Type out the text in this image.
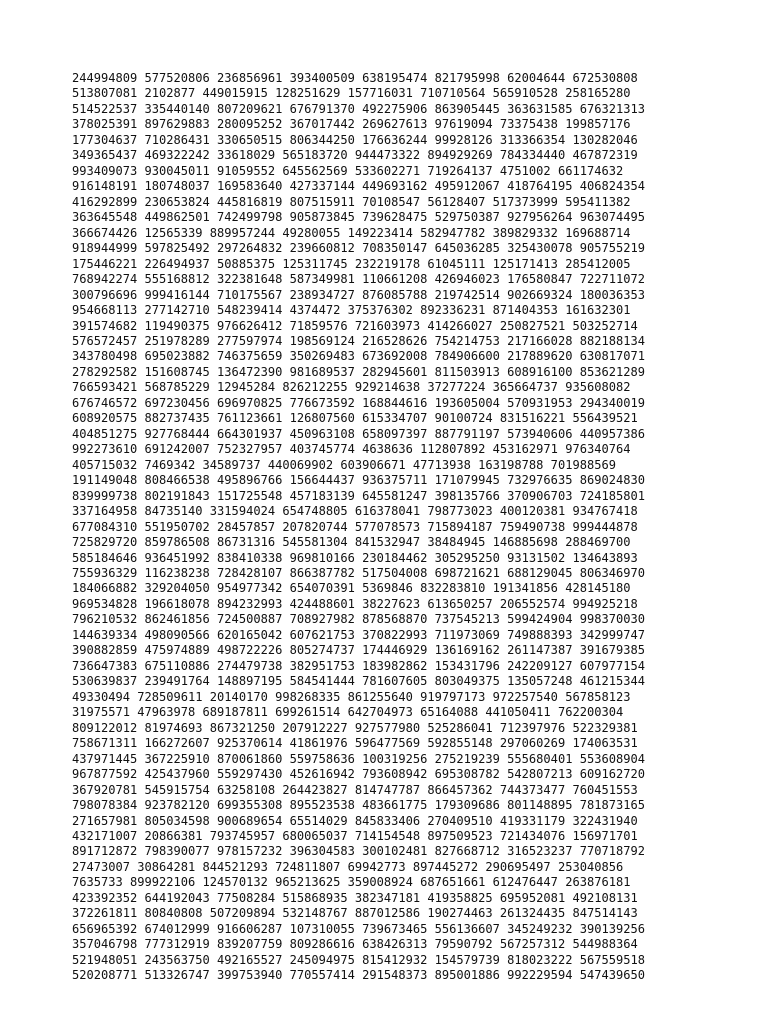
244994809 577520806 236856961 393400509 638195474 821795998 62004644 672530808
513807081 2102877 449015915 128251629 157716031 710710564 565910528 258165280
514522537 335440140 807209621 676791370 492275906 863905445 363631585 676321313
378025391 897629883 280095252 367017442 269627613 97619094 73375438 199857176
177304637 710286431 330650515 806344250 176636244 99928126 313366354 130282046
349365437 469322242 33618029 565183720 944473322 894929269 784334440 467872319
993409073 930045011 91059552 645562569 533602271 719264137 4751002 661174632
916148191 180748037 169583640 427337144 449693162 495912067 418764195 406824354
416292899 230653824 445816819 807515911 70108547 56128407 517373999 595411382
363645548 449862501 742499798 905873845 739628475 529750387 927956264 963074495
366674426 12565339 889957244 49280055 149223414 582947782 389829332 169688714
918944999 597825492 297264832 239660812 708350147 645036285 325430078 905755219
175446221 226494937 50885375 125311745 232219178 61045111 125171413 285412005
768942274 555168812 322381648 587349981 110661208 426946023 176580847 722711072
300796696 999416144 710175567 238934727 876085788 219742514 902669324 180036353
954668113 277142710 548239414 4374472 375376302 892336231 871404353 161632301
391574682 119490375 976626412 71859576 721603973 414266027 250827521 503252714
576572457 251978289 277597974 198569124 216528626 754214753 217166028 882188134
343780498 695023882 746375659 350269483 673692008 784906600 217889620 630817071
278292582 151608745 136472390 981689537 282945601 811503913 608916100 853621289
766593421 568785229 12945284 826212255 929214638 37277224 365664737 935608082
676746572 697230456 696970825 776673592 168844616 193605004 570931953 294340019
608920575 882737435 761123661 126807560 615334707 90100724 831516221 556439521
404851275 927768444 664301937 450963108 658097397 887791197 573940606 440957386
992273610 691242007 752327957 403745774 4638636 112807892 453162971 976340764
405715032 7469342 34589737 440069902 603906671 47713938 163198788 701988569
191149048 808466538 495896766 156644437 936375711 171079945 732976635 869024830
839999738 802191843 151725548 457183139 645581247 398135766 370906703 724185801
337164958 84735140 331594024 654748805 616378041 798773023 400120381 934767418
677084310 551950702 28457857 207820744 577078573 715894187 759490738 999444878
725829720 859786508 86731316 545581304 841532947 38484945 146885698 288469700
585184646 936451992 838410338 969810166 230184462 305295250 93131502 134643893
755936329 116238238 728428107 866387782 517504008 698721621 688129045 806346970
184066882 329204050 954977342 654070391 5369846 832283810 191341856 428145180
969534828 196618078 894232993 424488601 38227623 613650257 206552574 994925218
796210532 862461856 724500887 708927982 878568870 737545213 599424904 998370030
144639334 498090566 620165042 607621753 370822993 711973069 749888393 342999747
390882859 475974889 498722226 805274737 174446929 136169162 261147387 391679385
736647383 675110886 274479738 382951753 183982862 153431796 242209127 607977154
530639837 239491764 148897195 584541444 781607605 803049375 135057248 461215344
49330494 728509611 20140170 998268335 861255640 919797173 972257540 567858123
31975571 47963978 689187811 699261514 642704973 65164088 441050411 762200304
809122012 81974693 867321250 207912227 927577980 525286041 712397976 522329381
758671311 166272607 925370614 41861976 596477569 592855148 297060269 174063531
437971445 367225910 870061860 559758636 100319256 275219239 555680401 553608904
967877592 425437960 559297430 452616942 793608942 695308782 542807213 609162720
367920781 545915754 63258108 264423827 814747787 866457362 744373477 760451553
798078384 923782120 699355308 895523538 483661775 179309686 801148895 781873165
271657981 805034598 900689654 65514029 845833406 270409510 419331179 322431940
432171007 20866381 793745957 680065037 714154548 897509523 721434076 156971701
891712872 798390077 978157232 396304583 300102481 827668712 316523237 770718792
27473007 30864281 844521293 724811807 69942773 897445272 290695497 253040856
7635733 899922106 124570132 965213625 359008924 687651661 612476447 263876181
423392352 644192043 77508284 515868935 382347181 419358825 695952081 492108131
372261811 80840808 507209894 532148767 887012586 190274463 261324435 847514143
656965392 674012999 916606287 107310055 739673465 556136607 345249232 390139256
357046798 777312919 839207759 809286616 638426313 79590792 567257312 544988364
521948051 243563750 492165527 245094975 815412932 154579739 818023222 567559518
520208771 513326747 399753940 770557414 291548373 895001886 992229594 547439650
